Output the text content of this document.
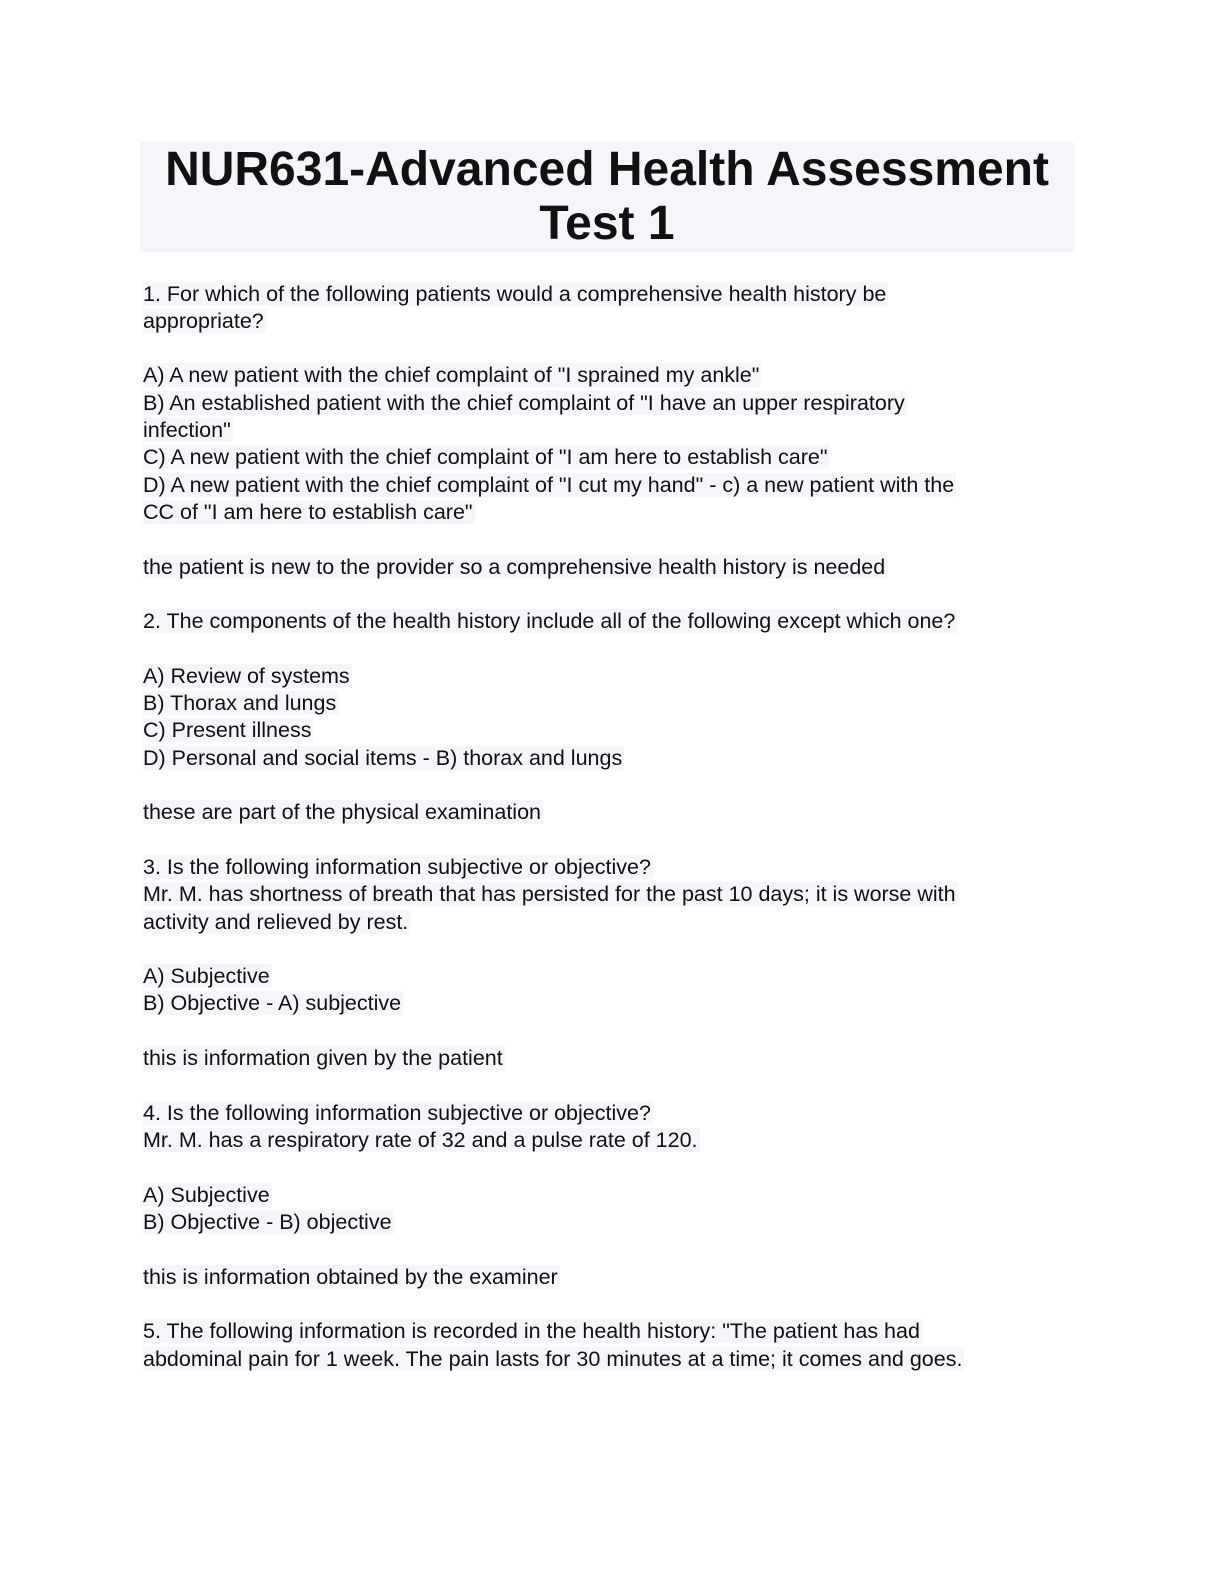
NUR631-Advanced Health Assessment
Test 1
1. For which of the following patients would a comprehensive health history be
appropriate?
A) A new patient with the chief complaint of "I sprained my ankle"
B) An established patient with the chief complaint of "I have an upper respiratory
infection"
C) A new patient with the chief complaint of "I am here to establish care"
D) A new patient with the chief complaint of "I cut my hand" - c) a new patient with the
CC of "I am here to establish care"
the patient is new to the provider so a comprehensive health history is needed
2. The components of the health history include all of the following except which one?
A) Review of systems
B) Thorax and lungs
C) Present illness
D) Personal and social items - B) thorax and lungs
these are part of the physical examination
3. Is the following information subjective or objective?
Mr. M. has shortness of breath that has persisted for the past 10 days; it is worse with
activity and relieved by rest.
A) Subjective
B) Objective - A) subjective
this is information given by the patient
4. Is the following information subjective or objective?
Mr. M. has a respiratory rate of 32 and a pulse rate of 120.
A) Subjective
B) Objective - B) objective
this is information obtained by the examiner
5. The following information is recorded in the health history: "The patient has had
abdominal pain for 1 week. The pain lasts for 30 minutes at a time; it comes and goes.
